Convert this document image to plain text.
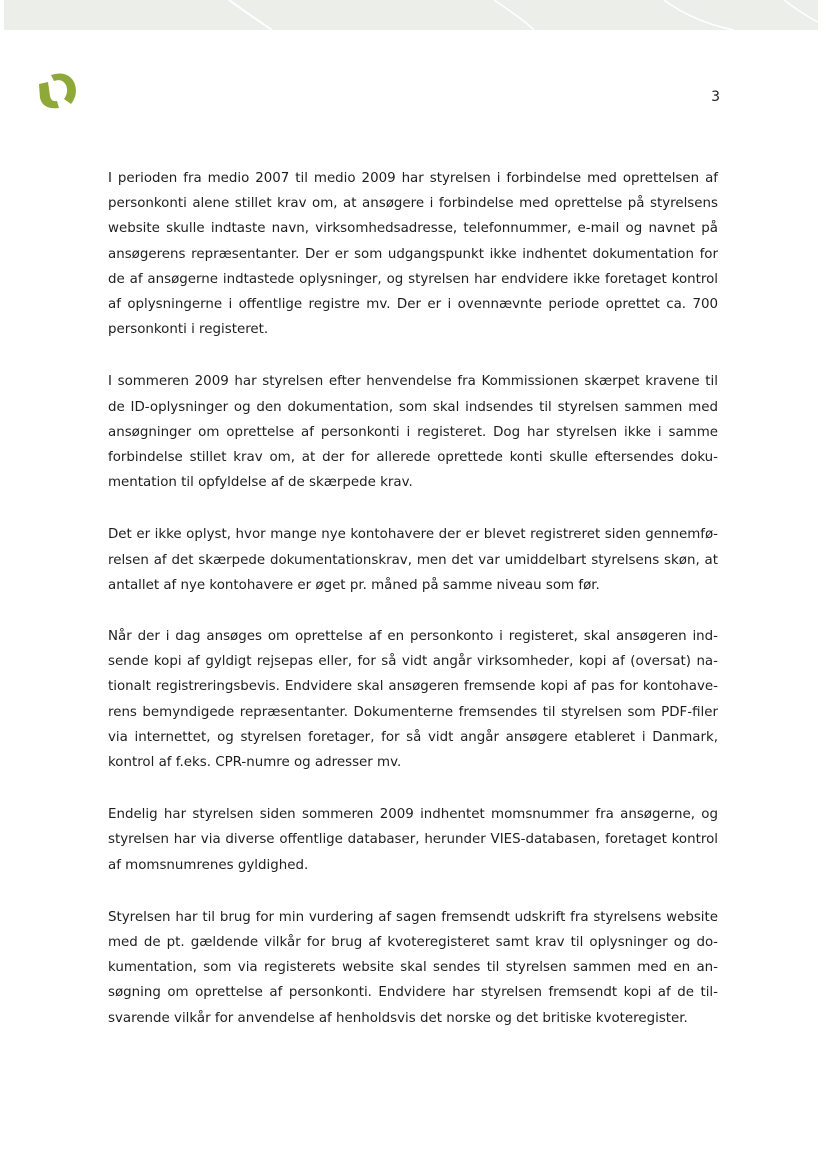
3

I perioden fra medio 2007 til medio 2009 har styrelsen i forbindelse med oprettelsen af personkonti alene stillet krav om, at ansøgere i forbindelse med oprettelse på styrelsens website skulle indtaste navn, virksomhedsadresse, telefonnummer, e-mail og navnet på ansøgerens repræsentanter. Der er som udgangspunkt ikke indhentet dokumentation for de af ansøgerne indtastede oplysninger, og styrelsen har endvidere ikke foretaget kontrol af oplysningerne i offentlige registre mv. Der er i ovennævnte periode oprettet ca. 700 personkonti i registeret.

I sommeren 2009 har styrelsen efter henvendelse fra Kommissionen skærpet kravene til de ID-oplysninger og den dokumentation, som skal indsendes til styrelsen sammen med ansøgninger om oprettelse af personkonti i registeret. Dog har styrelsen ikke i samme forbindelse stillet krav om, at der for allerede oprettede konti skulle eftersendes dokumentation til opfyldelse af de skærpede krav.

Det er ikke oplyst, hvor mange nye kontohavere der er blevet registreret siden gennemførelsen af det skærpede dokumentationskrav, men det var umiddelbart styrelsens skøn, at antallet af nye kontohavere er øget pr. måned på samme niveau som før.

Når der i dag ansøges om oprettelse af en personkonto i registeret, skal ansøgeren indsende kopi af gyldigt rejsepas eller, for så vidt angår virksomheder, kopi af (oversat) nationalt registreringsbevis. Endvidere skal ansøgeren fremsende kopi af pas for kontohaverens bemyndigede repræsentanter. Dokumenterne fremsendes til styrelsen som PDF-filer via internettet, og styrelsen foretager, for så vidt angår ansøgere etableret i Danmark, kontrol af f.eks. CPR-numre og adresser mv.

Endelig har styrelsen siden sommeren 2009 indhentet momsnummer fra ansøgerne, og styrelsen har via diverse offentlige databaser, herunder VIES-databasen, foretaget kontrol af momsnumrenes gyldighed.

Styrelsen har til brug for min vurdering af sagen fremsendt udskrift fra styrelsens website med de pt. gældende vilkår for brug af kvoteregisteret samt krav til oplysninger og dokumentation, som via registerets website skal sendes til styrelsen sammen med en ansøgning om oprettelse af personkonti. Endvidere har styrelsen fremsendt kopi af de tilsvarende vilkår for anvendelse af henholdsvis det norske og det britiske kvoteregister.
